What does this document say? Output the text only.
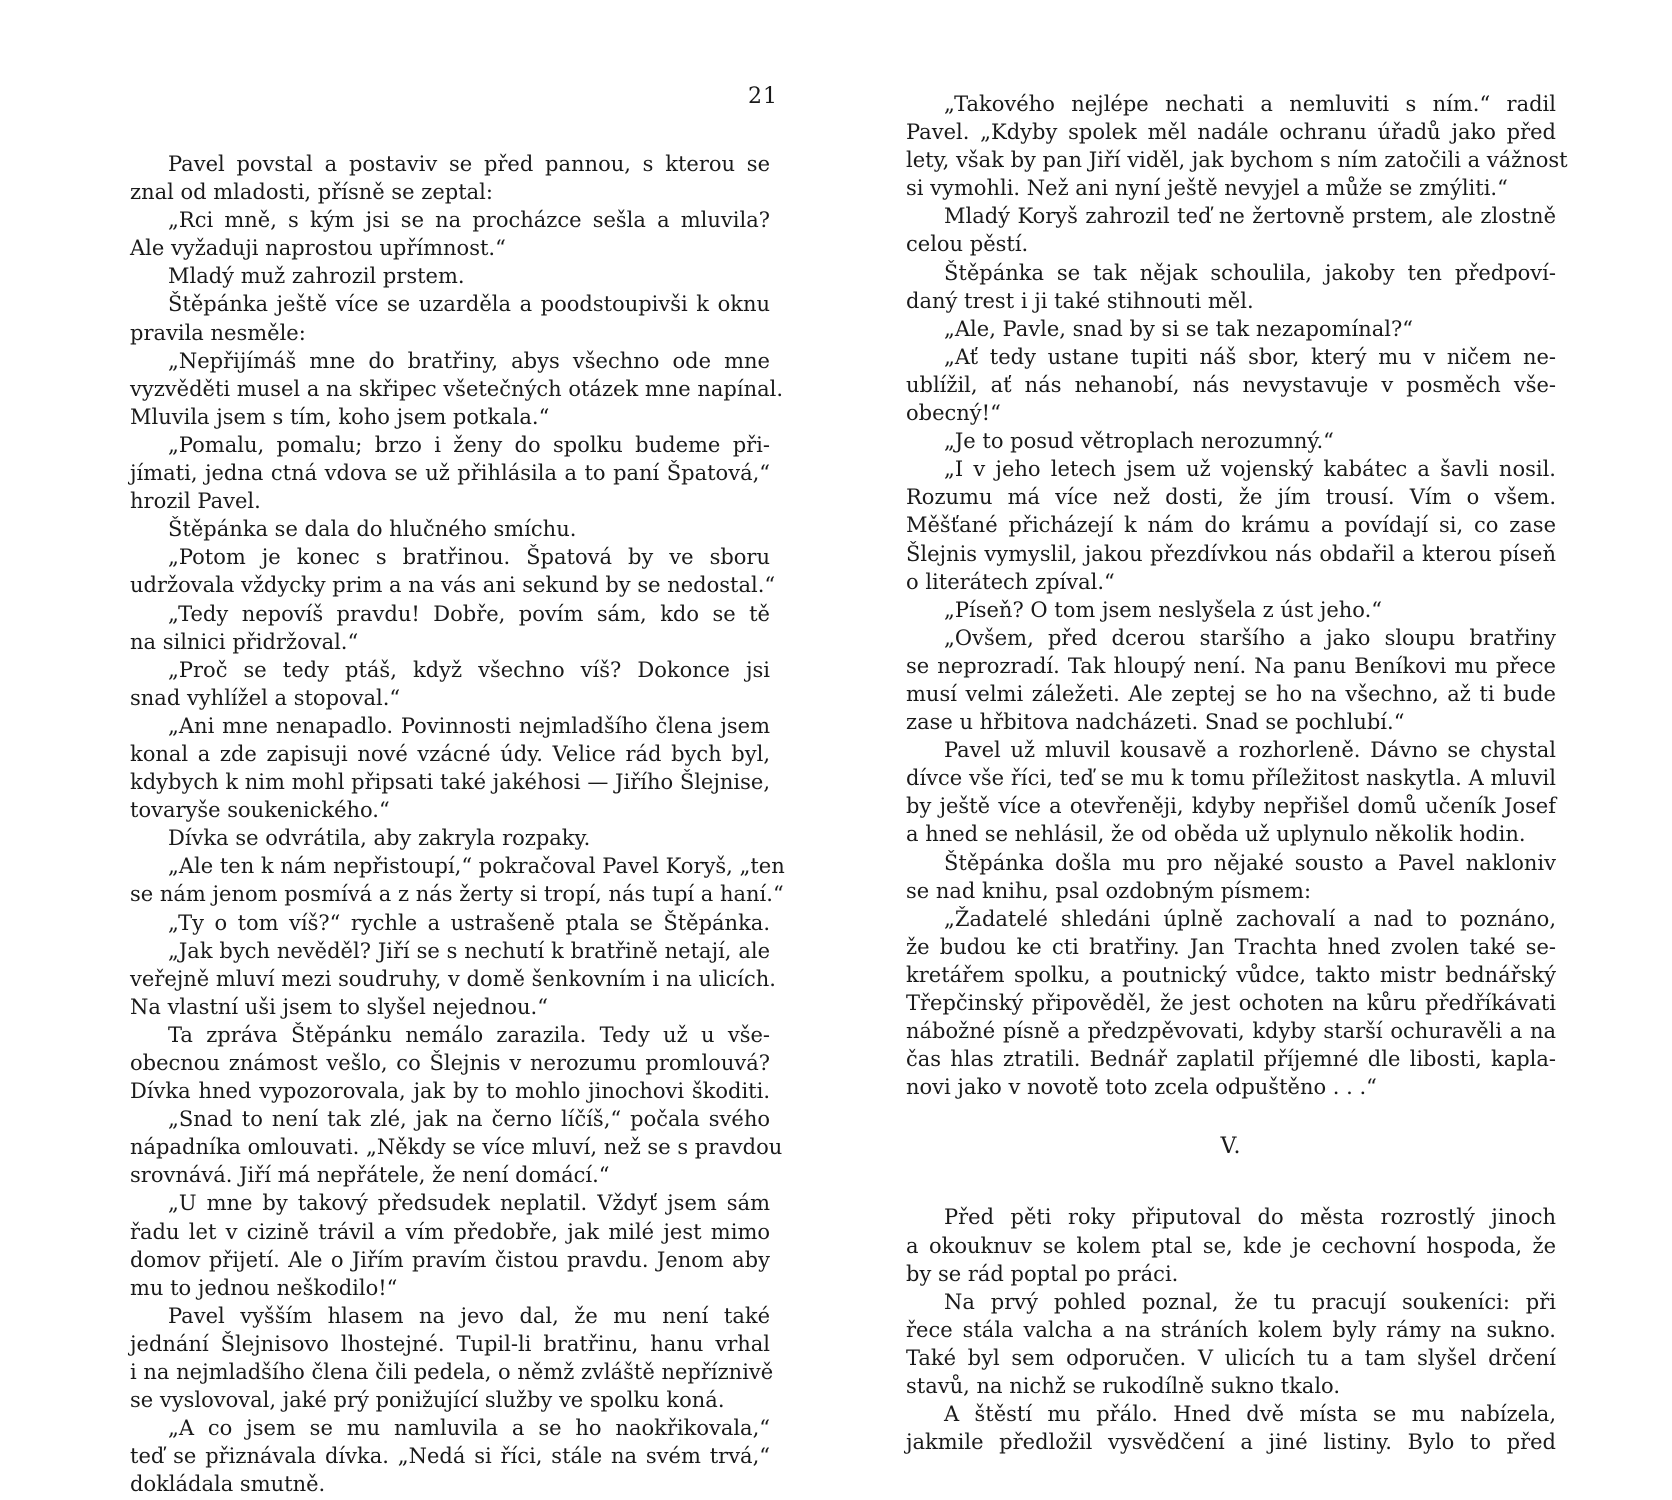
21
Pavel povstal a postaviv se před pannou, s kterou se
znal od mladosti, přísně se zeptal:
„Rci mně, s kým jsi se na procházce sešla a mluvila?
Ale vyžaduji naprostou upřímnost.“
Mladý muž zahrozil prstem.
Štěpánka ještě více se uzarděla a poodstoupivši k oknu
pravila nesměle:
„Nepřijímáš mne do bratřiny, abys všechno ode mne
vyzvěděti musel a na skřipec všetečných otázek mne napínal.
Mluvila jsem s tím, koho jsem potkala.“
„Pomalu, pomalu; brzo i ženy do spolku budeme při-
jímati, jedna ctná vdova se už přihlásila a to paní Špatová,“
hrozil Pavel.
Štěpánka se dala do hlučného smíchu.
„Potom je konec s bratřinou. Špatová by ve sboru
udržovala vždycky prim a na vás ani sekund by se nedostal.“
„Tedy nepovíš pravdu! Dobře, povím sám, kdo se tě
na silnici přidržoval.“
„Proč se tedy ptáš, když všechno víš? Dokonce jsi
snad vyhlížel a stopoval.“
„Ani mne nenapadlo. Povinnosti nejmladšího člena jsem
konal a zde zapisuji nové vzácné údy. Velice rád bych byl,
kdybych k nim mohl připsati také jakéhosi — Jiřího Šlejnise,
tovaryše soukenického.“
Dívka se odvrátila, aby zakryla rozpaky.
„Ale ten k nám nepřistoupí,“ pokračoval Pavel Koryš, „ten
se nám jenom posmívá a z nás žerty si tropí, nás tupí a haní.“
„Ty o tom víš?“ rychle a ustrašeně ptala se Štěpánka.
„Jak bych nevěděl? Jiří se s nechutí k bratřině netají, ale
veřejně mluví mezi soudruhy, v domě šenkovním i na ulicích.
Na vlastní uši jsem to slyšel nejednou.“
Ta zpráva Štěpánku nemálo zarazila. Tedy už u vše-
obecnou známost vešlo, co Šlejnis v nerozumu promlouvá?
Dívka hned vypozorovala, jak by to mohlo jinochovi škoditi.
„Snad to není tak zlé, jak na černo líčíš,“ počala svého
nápadníka omlouvati. „Někdy se více mluví, než se s pravdou
srovnává. Jiří má nepřátele, že není domácí.“
„U mne by takový předsudek neplatil. Vždyť jsem sám
řadu let v cizině trávil a vím předobře, jak milé jest mimo
domov přijetí. Ale o Jiřím pravím čistou pravdu. Jenom aby
mu to jednou neškodilo!“
Pavel vyšším hlasem na jevo dal, že mu není také
jednání Šlejnisovo lhostejné. Tupil-li bratřinu, hanu vrhal
i na nejmladšího člena čili pedela, o němž zvláště nepříznivě
se vyslovoval, jaké prý ponižující služby ve spolku koná.
„A co jsem se mu namluvila a se ho naokřikovala,“
teď se přiznávala dívka. „Nedá si říci, stále na svém trvá,“
dokládala smutně.
„Takového nejlépe nechati a nemluviti s ním.“ radil
Pavel. „Kdyby spolek měl nadále ochranu úřadů jako před
lety, však by pan Jiří viděl, jak bychom s ním zatočili a vážnost
si vymohli. Než ani nyní ještě nevyjel a může se zmýliti.“
Mladý Koryš zahrozil teď ne žertovně prstem, ale zlostně
celou pěstí.
Štěpánka se tak nějak schoulila, jakoby ten předpoví-
daný trest i ji také stihnouti měl.
„Ale, Pavle, snad by si se tak nezapomínal?“
„Ať tedy ustane tupiti náš sbor, který mu v ničem ne-
ublížil, ať nás nehanobí, nás nevystavuje v posměch vše-
obecný!“
„Je to posud větroplach nerozumný.“
„I v jeho letech jsem už vojenský kabátec a šavli nosil.
Rozumu má více než dosti, že jím trousí. Vím o všem.
Měšťané přicházejí k nám do krámu a povídají si, co zase
Šlejnis vymyslil, jakou přezdívkou nás obdařil a kterou píseň
o literátech zpíval.“
„Píseň? O tom jsem neslyšela z úst jeho.“
„Ovšem, před dcerou staršího a jako sloupu bratřiny
se neprozradí. Tak hloupý není. Na panu Beníkovi mu přece
musí velmi záležeti. Ale zeptej se ho na všechno, až ti bude
zase u hřbitova nadcházeti. Snad se pochlubí.“
Pavel už mluvil kousavě a rozhorleně. Dávno se chystal
dívce vše říci, teď se mu k tomu příležitost naskytla. A mluvil
by ještě více a otevřeněji, kdyby nepřišel domů učeník Josef
a hned se nehlásil, že od oběda už uplynulo několik hodin.
Štěpánka došla mu pro nějaké sousto a Pavel nakloniv
se nad knihu, psal ozdobným písmem:
„Žadatelé shledáni úplně zachovalí a nad to poznáno,
že budou ke cti bratřiny. Jan Trachta hned zvolen také se-
kretářem spolku, a poutnický vůdce, takto mistr bednářský
Třepčinský připověděl, že jest ochoten na kůru předříkávati
nábožné písně a předzpěvovati, kdyby starší ochuravěli a na
čas hlas ztratili. Bednář zaplatil příjemné dle libosti, kapla-
novi jako v novotě toto zcela odpuštěno . . .“
V.
Před pěti roky připutoval do města rozrostlý jinoch
a okouknuv se kolem ptal se, kde je cechovní hospoda, že
by se rád poptal po práci.
Na prvý pohled poznal, že tu pracují soukeníci: při
řece stála valcha a na stráních kolem byly rámy na sukno.
Také byl sem odporučen. V ulicích tu a tam slyšel drčení
stavů, na nichž se rukodílně sukno tkalo.
A štěstí mu přálo. Hned dvě místa se mu nabízela,
jakmile předložil vysvědčení a jiné listiny. Bylo to před
